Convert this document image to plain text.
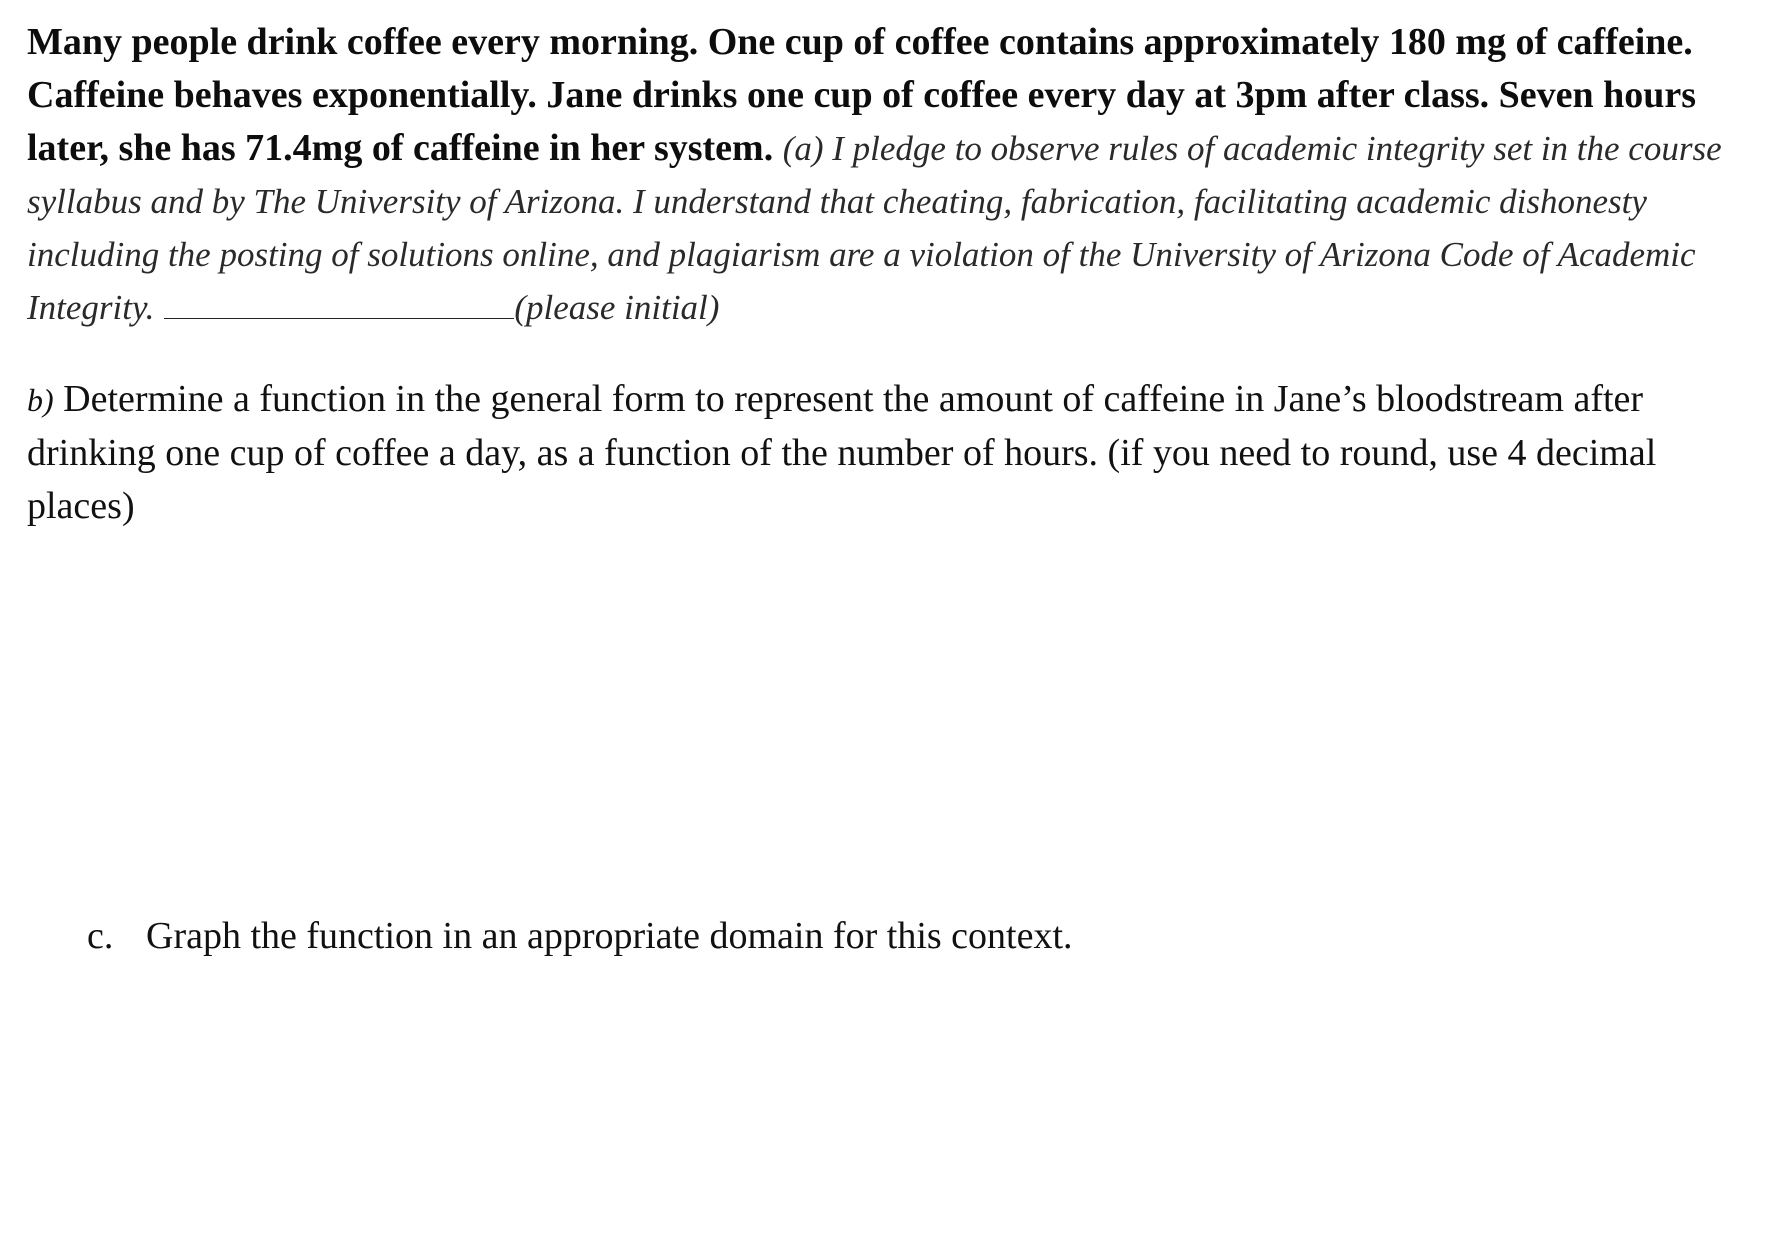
Many people drink coffee every morning. One cup of coffee contains approximately 180 mg of caffeine. Caffeine behaves exponentially. Jane drinks one cup of coffee every day at 3pm after class. Seven hours later, she has 71.4mg of caffeine in her system. (a) I pledge to observe rules of academic integrity set in the course syllabus and by The University of Arizona. I understand that cheating, fabrication, facilitating academic dishonesty including the posting of solutions online, and plagiarism are a violation of the University of Arizona Code of Academic Integrity.	(please initial)

b) Determine a function in the general form to represent the amount of caffeine in Jane’s bloodstream after drinking one cup of coffee a day, as a function of the number of hours. (if you need to round, use 4 decimal places)

c. Graph the function in an appropriate domain for this context.
